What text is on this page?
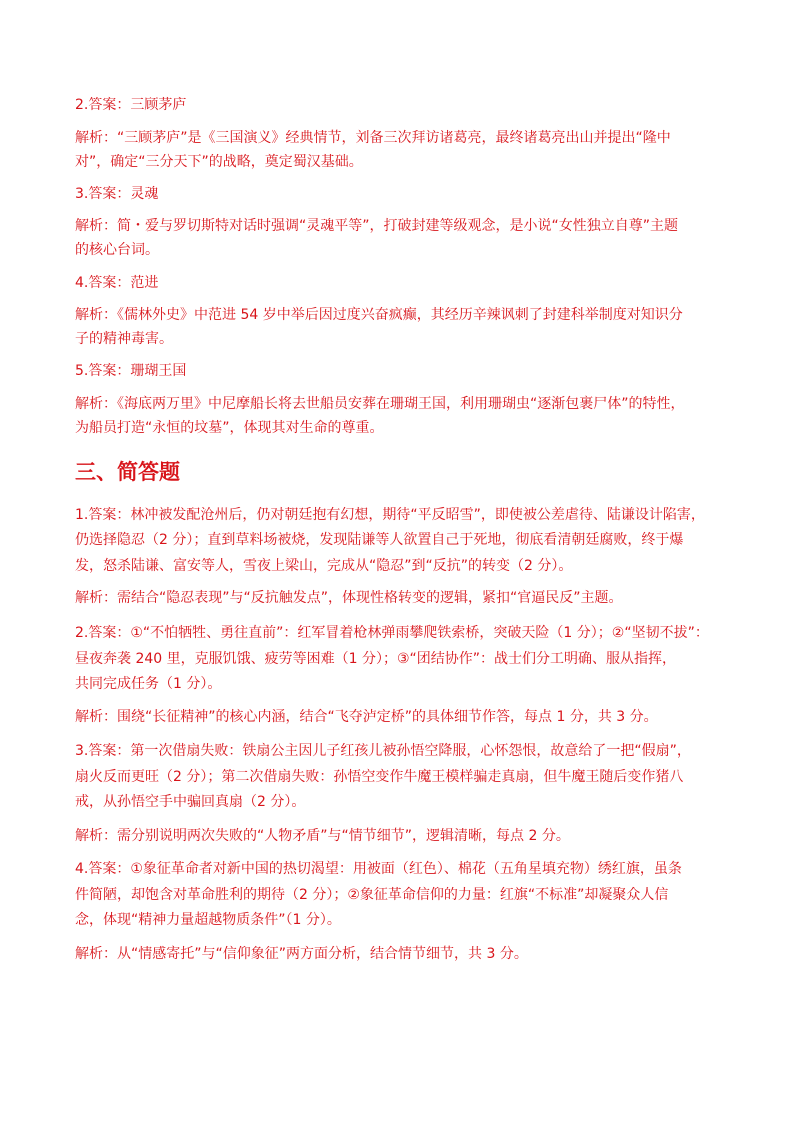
2.答案：三顾茅庐
解析：“三顾茅庐”是《三国演义》经典情节，刘备三次拜访诸葛亮，最终诸葛亮出山并提出“隆中
对”，确定“三分天下”的战略，奠定蜀汉基础。
3.答案：灵魂
解析：简・爱与罗切斯特对话时强调“灵魂平等”，打破封建等级观念，是小说“女性独立自尊”主题
的核心台词。
4.答案：范进
解析：《儒林外史》中范进 54 岁中举后因过度兴奋疯癫，其经历辛辣讽刺了封建科举制度对知识分
子的精神毒害。
5.答案：珊瑚王国
解析：《海底两万里》中尼摩船长将去世船员安葬在珊瑚王国，利用珊瑚虫“逐渐包裹尸体”的特性，
为船员打造“永恒的坟墓”，体现其对生命的尊重。
三、简答题
1.答案：林冲被发配沧州后，仍对朝廷抱有幻想，期待“平反昭雪”，即使被公差虐待、陆谦设计陷害，
仍选择隐忍（2 分）；直到草料场被烧，发现陆谦等人欲置自己于死地，彻底看清朝廷腐败，终于爆
发，怒杀陆谦、富安等人，雪夜上梁山，完成从“隐忍”到“反抗”的转变（2 分）。
解析：需结合“隐忍表现”与“反抗触发点”，体现性格转变的逻辑，紧扣“官逼民反”主题。
2.答案：①“不怕牺牲、勇往直前”：红军冒着枪林弹雨攀爬铁索桥，突破天险（1 分）；②“坚韧不拔”：
昼夜奔袭 240 里，克服饥饿、疲劳等困难（1 分）；③“团结协作”：战士们分工明确、服从指挥，
共同完成任务（1 分）。
解析：围绕“长征精神”的核心内涵，结合“飞夺泸定桥”的具体细节作答，每点 1 分，共 3 分。
3.答案：第一次借扇失败：铁扇公主因儿子红孩儿被孙悟空降服，心怀怨恨，故意给了一把“假扇”，
扇火反而更旺（2 分）；第二次借扇失败：孙悟空变作牛魔王模样骗走真扇，但牛魔王随后变作猪八
戒，从孙悟空手中骗回真扇（2 分）。
解析：需分别说明两次失败的“人物矛盾”与“情节细节”，逻辑清晰，每点 2 分。
4.答案：①象征革命者对新中国的热切渴望：用被面（红色）、棉花（五角星填充物）绣红旗，虽条
件简陋，却饱含对革命胜利的期待（2 分）；②象征革命信仰的力量：红旗“不标准”却凝聚众人信
念，体现“精神力量超越物质条件”（1 分）。
解析：从“情感寄托”与“信仰象征”两方面分析，结合情节细节，共 3 分。
